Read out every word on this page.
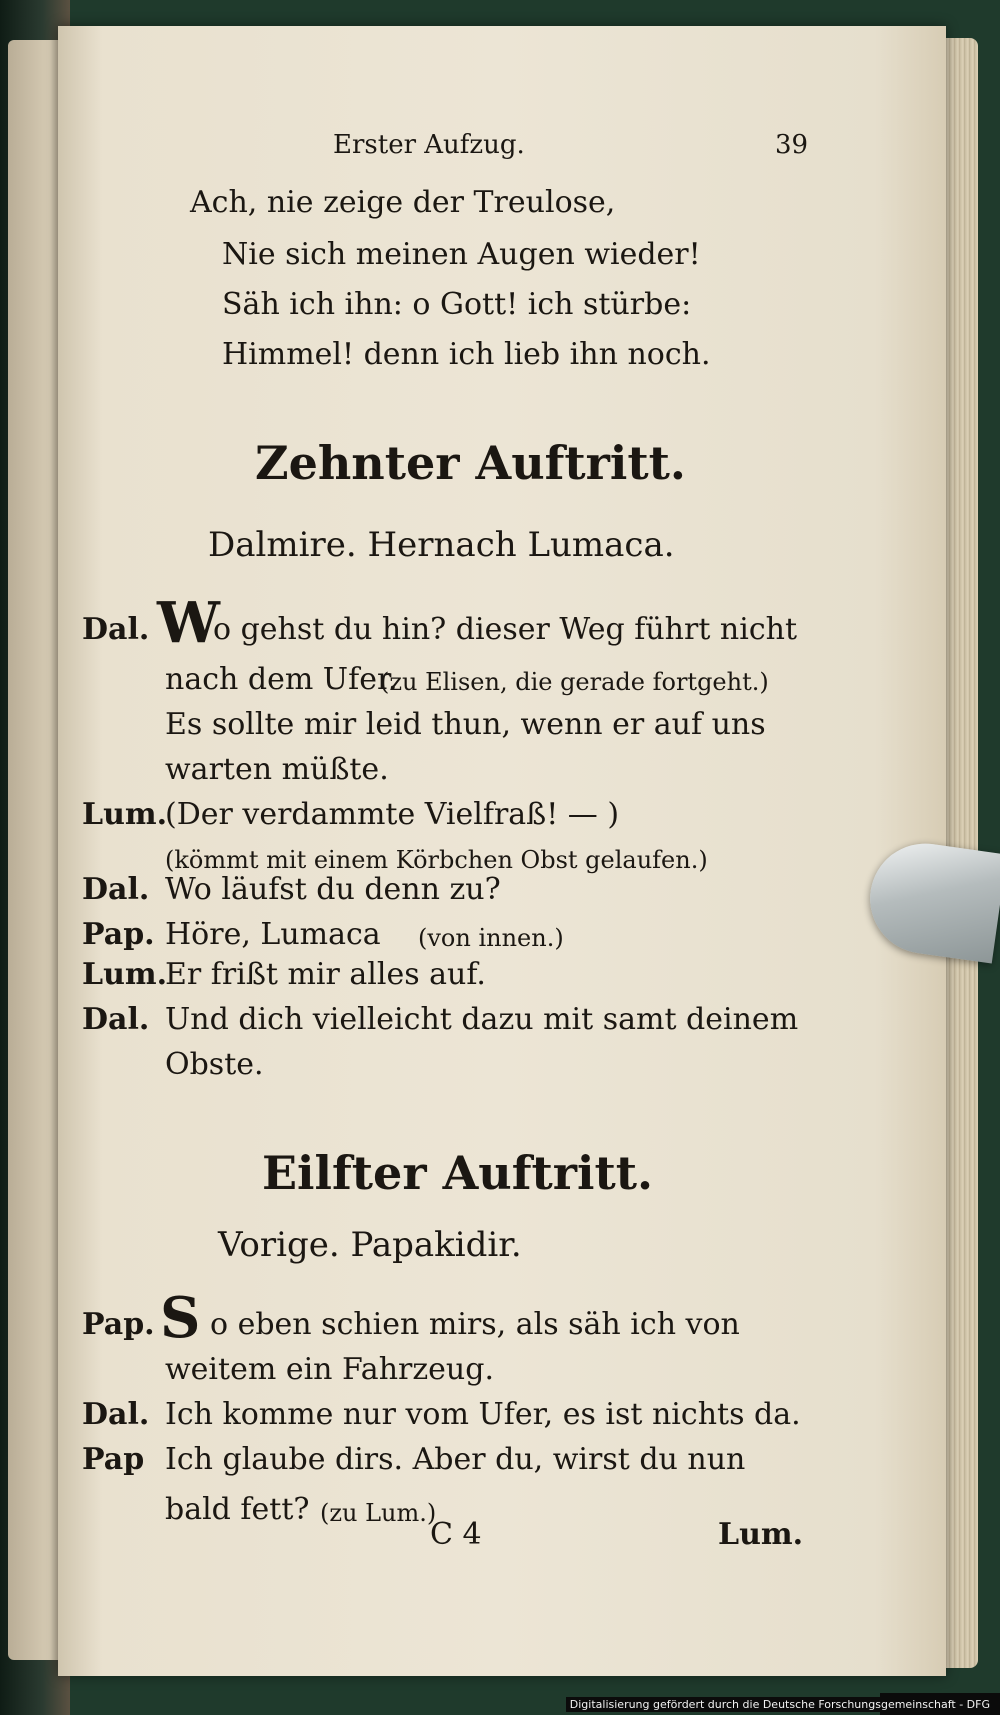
Erster Aufzug.	39
Ach, nie zeige der Treulose,
Nie sich meinen Augen wieder!
Säh ich ihn: o Gott! ich stürbe:
Himmel! denn ich lieb ihn noch.
Zehnter Auftritt.
Dalmire. Hernach Lumaca.
Dal. W
o gehst du hin? dieser Weg führt nicht
nach dem Ufer.
(zu Elisen, die gerade fortgeht.)
Es sollte mir leid thun, wenn er auf uns
warten müßte.
Lum.
(Der verdammte Vielfraß! — )
(kömmt mit einem Körbchen Obst gelaufen.)
Dal. Wo läufst du denn zu?
Pap. Höre, Lumaca (von innen.)
Lum.
Er frißt mir alles auf.
Dal. Und dich vielleicht dazu mit samt deinem
Obste.
Eilfter Auftritt.
Vorige. Papakidir.
Pap. S o eben schien mirs, als säh ich von
weitem ein Fahrzeug.
Dal. Ich komme nur vom Ufer, es ist nichts da.
Pap Ich glaube dirs. Aber du, wirst du nun
bald fett? (zu Lum.)
C 4	Lum.
Digitalisierung gefördert durch die Deutsche Forschungsgemeinschaft - DFG
